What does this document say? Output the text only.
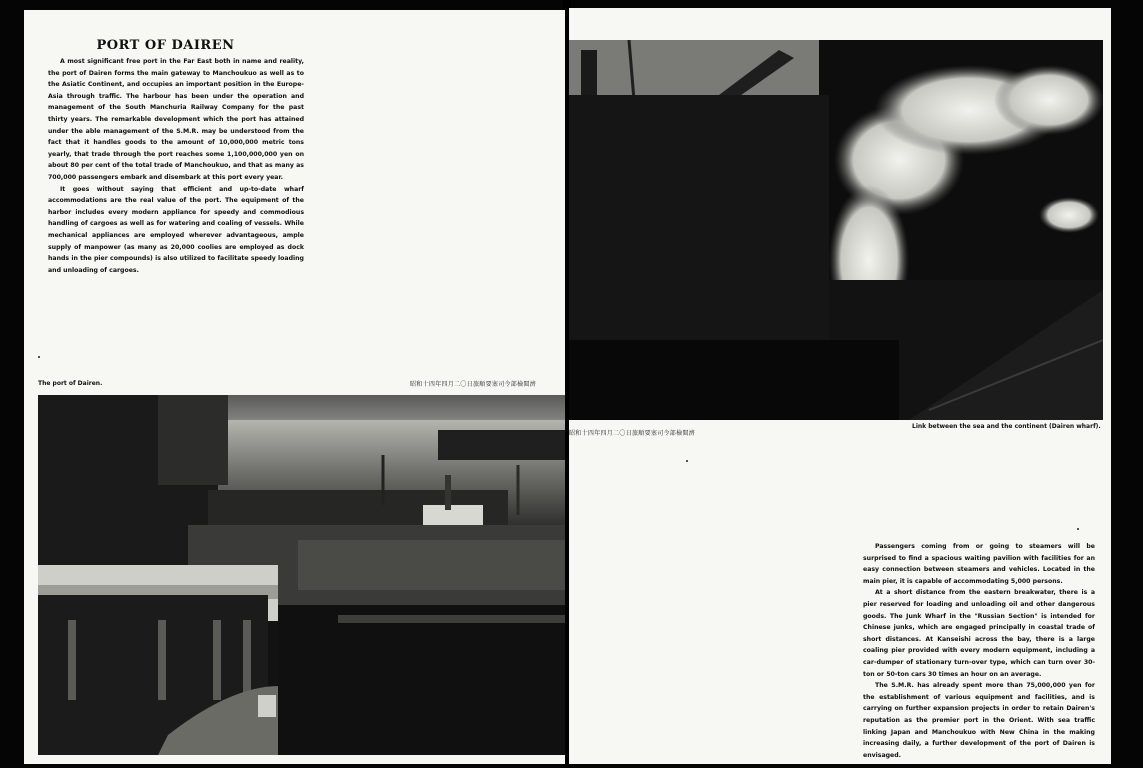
PORT OF DAIREN

A most significant free port in the Far East both in name and reality, the port of Dairen forms the main gateway to Manchoukuo as well as to the Asiatic Continent, and occupies an important position in the Europe-Asia through traffic. The harbour has been under the operation and management of the South Manchuria Railway Company for the past thirty years. The remarkable development which the port has attained under the able management of the S.M.R. may be understood from the fact that it handles goods to the amount of 10,000,000 metric tons yearly, that trade through the port reaches some 1,100,000,000 yen on about 80 per cent of the total trade of Manchoukuo, and that as many as 700,000 passengers embark and disembark at this port every year.

It goes without saying that efficient and up-to-date wharf accommodations are the real value of the port. The equipment of the harbor includes every modern appliance for speedy and commodious handling of cargoes as well as for watering and coaling of vessels. While mechanical appliances are employed wherever advantageous, ample supply of manpower (as many as 20,000 coolies are employed as dock hands in the pier compounds) is also utilized to facilitate speedy loading and unloading of cargoes.

The port of Dairen.	昭和十四年四月二〇日旅順要塞司令部檢閲濟
昭和十四年四月二〇日旅順要塞司令部檢閲濟
Link between the sea and the continent (Dairen wharf).

Passengers coming from or going to steamers will be surprised to find a spacious waiting pavilion with facilities for an easy connection between steamers and vehicles. Located in the main pier, it is capable of accommodating 5,000 persons.

At a short distance from the eastern breakwater, there is a pier reserved for loading and unloading oil and other dangerous goods. The Junk Wharf in the "Russian Section" is intended for Chinese junks, which are engaged principally in coastal trade of short distances. At Kanseishi across the bay, there is a large coaling pier provided with every modern equipment, including a car-dumper of stationary turn-over type, which can turn over 30-ton or 50-ton cars 30 times an hour on an average.

The S.M.R. has already spent more than 75,000,000 yen for the establishment of various equipment and facilities, and is carrying on further expansion projects in order to retain Dairen's reputation as the premier port in the Orient. With sea traffic linking Japan and Manchoukuo with New China in the making increasing daily, a further development of the port of Dairen is envisaged.
